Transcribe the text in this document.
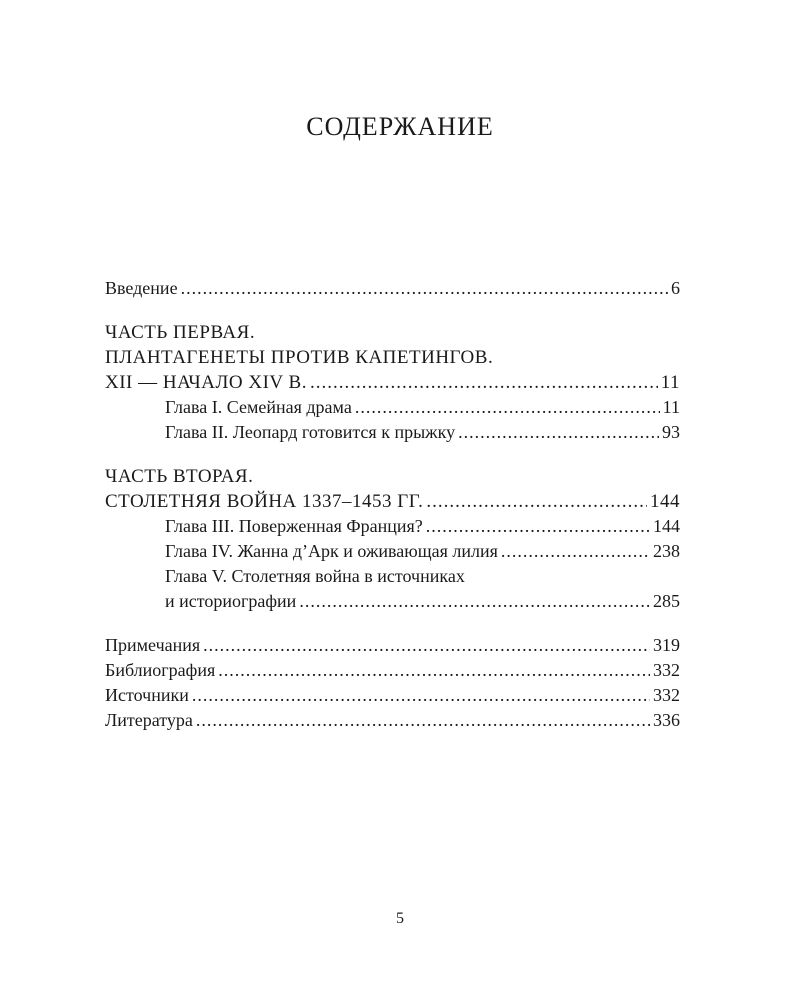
СОДЕРЖАНИЕ
Введение .....	6
ЧАСТЬ ПЕРВАЯ.
ПЛАНТАГЕНЕТЫ ПРОТИВ КАПЕТИНГОВ.
XII — НАЧАЛО XIV В. .....	11
Глава I. Семейная драма .....	11
Глава II. Леопард готовится к прыжку .....	93
ЧАСТЬ ВТОРАЯ.
СТОЛЕТНЯЯ ВОЙНА 1337–1453 ГГ. .....	144
Глава III. Поверженная Франция? .....	144
Глава IV. Жанна д’Арк и оживающая лилия .....	238
Глава V. Столетняя война в источниках
и историографии .....	285
Примечания .....	319
Библиография .....	332
Источники .....	332
Литература .....	336
5
